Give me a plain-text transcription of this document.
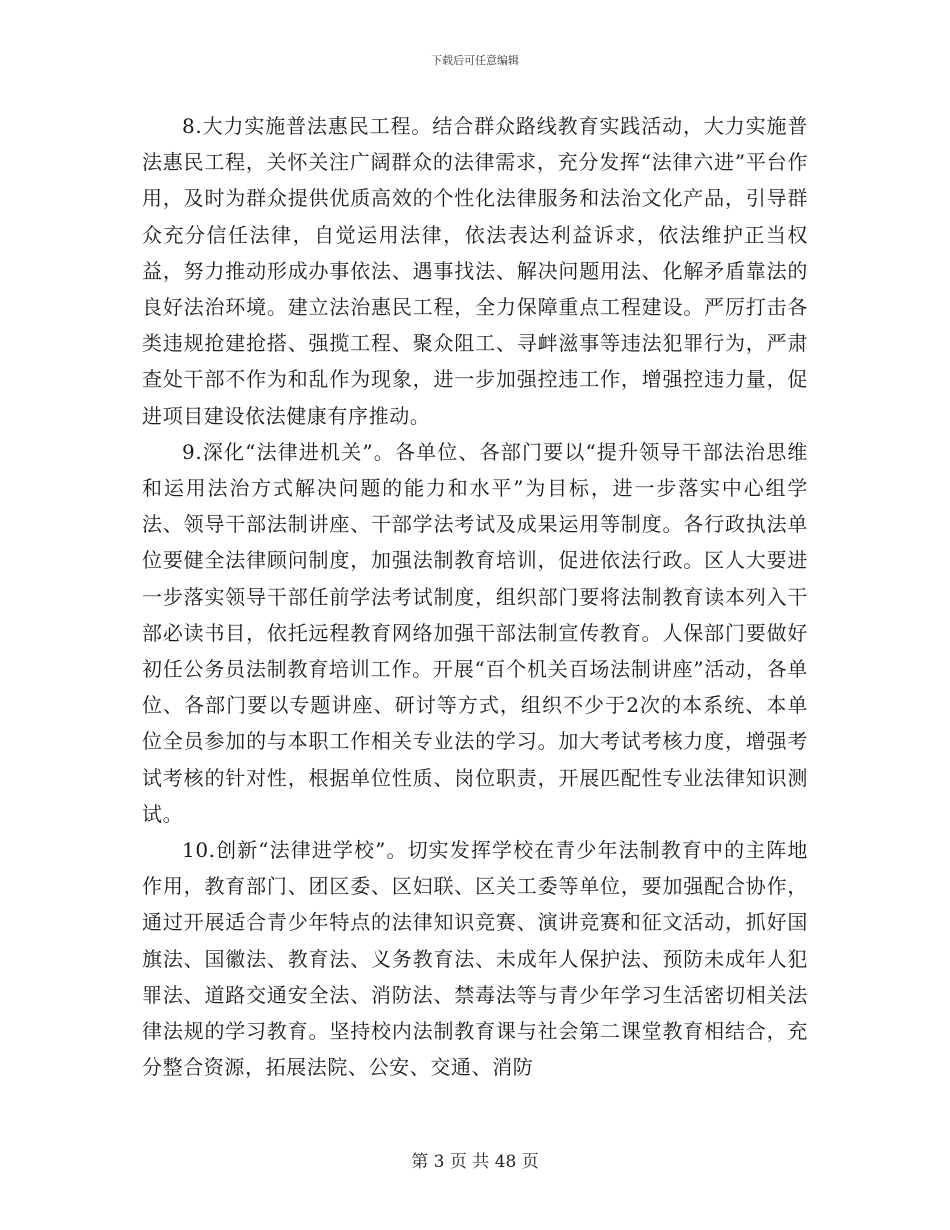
下载后可任意编辑

8.大力实施普法惠民工程。结合群众路线教育实践活动，大力实施普法惠民工程，关怀关注广阔群众的法律需求，充分发挥“法律六进”平台作用，及时为群众提供优质高效的个性化法律服务和法治文化产品，引导群众充分信任法律，自觉运用法律，依法表达利益诉求，依法维护正当权益，努力推动形成办事依法、遇事找法、解决问题用法、化解矛盾靠法的良好法治环境。建立法治惠民工程，全力保障重点工程建设。严厉打击各类违规抢建抢搭、强揽工程、聚众阻工、寻衅滋事等违法犯罪行为，严肃查处干部不作为和乱作为现象，进一步加强控违工作，增强控违力量，促进项目建设依法健康有序推动。

9.深化“法律进机关”。各单位、各部门要以“提升领导干部法治思维和运用法治方式解决问题的能力和水平”为目标，进一步落实中心组学法、领导干部法制讲座、干部学法考试及成果运用等制度。各行政执法单位要健全法律顾问制度，加强法制教育培训，促进依法行政。区人大要进一步落实领导干部任前学法考试制度，组织部门要将法制教育读本列入干部必读书目，依托远程教育网络加强干部法制宣传教育。人保部门要做好初任公务员法制教育培训工作。开展“百个机关百场法制讲座”活动，各单位、各部门要以专题讲座、研讨等方式，组织不少于2次的本系统、本单位全员参加的与本职工作相关专业法的学习。加大考试考核力度，增强考试考核的针对性，根据单位性质、岗位职责，开展匹配性专业法律知识测试。

10.创新“法律进学校”。切实发挥学校在青少年法制教育中的主阵地作用，教育部门、团区委、区妇联、区关工委等单位，要加强配合协作，通过开展适合青少年特点的法律知识竞赛、演讲竞赛和征文活动，抓好国旗法、国徽法、教育法、义务教育法、未成年人保护法、预防未成年人犯罪法、道路交通安全法、消防法、禁毒法等与青少年学习生活密切相关法律法规的学习教育。坚持校内法制教育课与社会第二课堂教育相结合，充分整合资源，拓展法院、公安、交通、消防

第 3 页 共 48 页
